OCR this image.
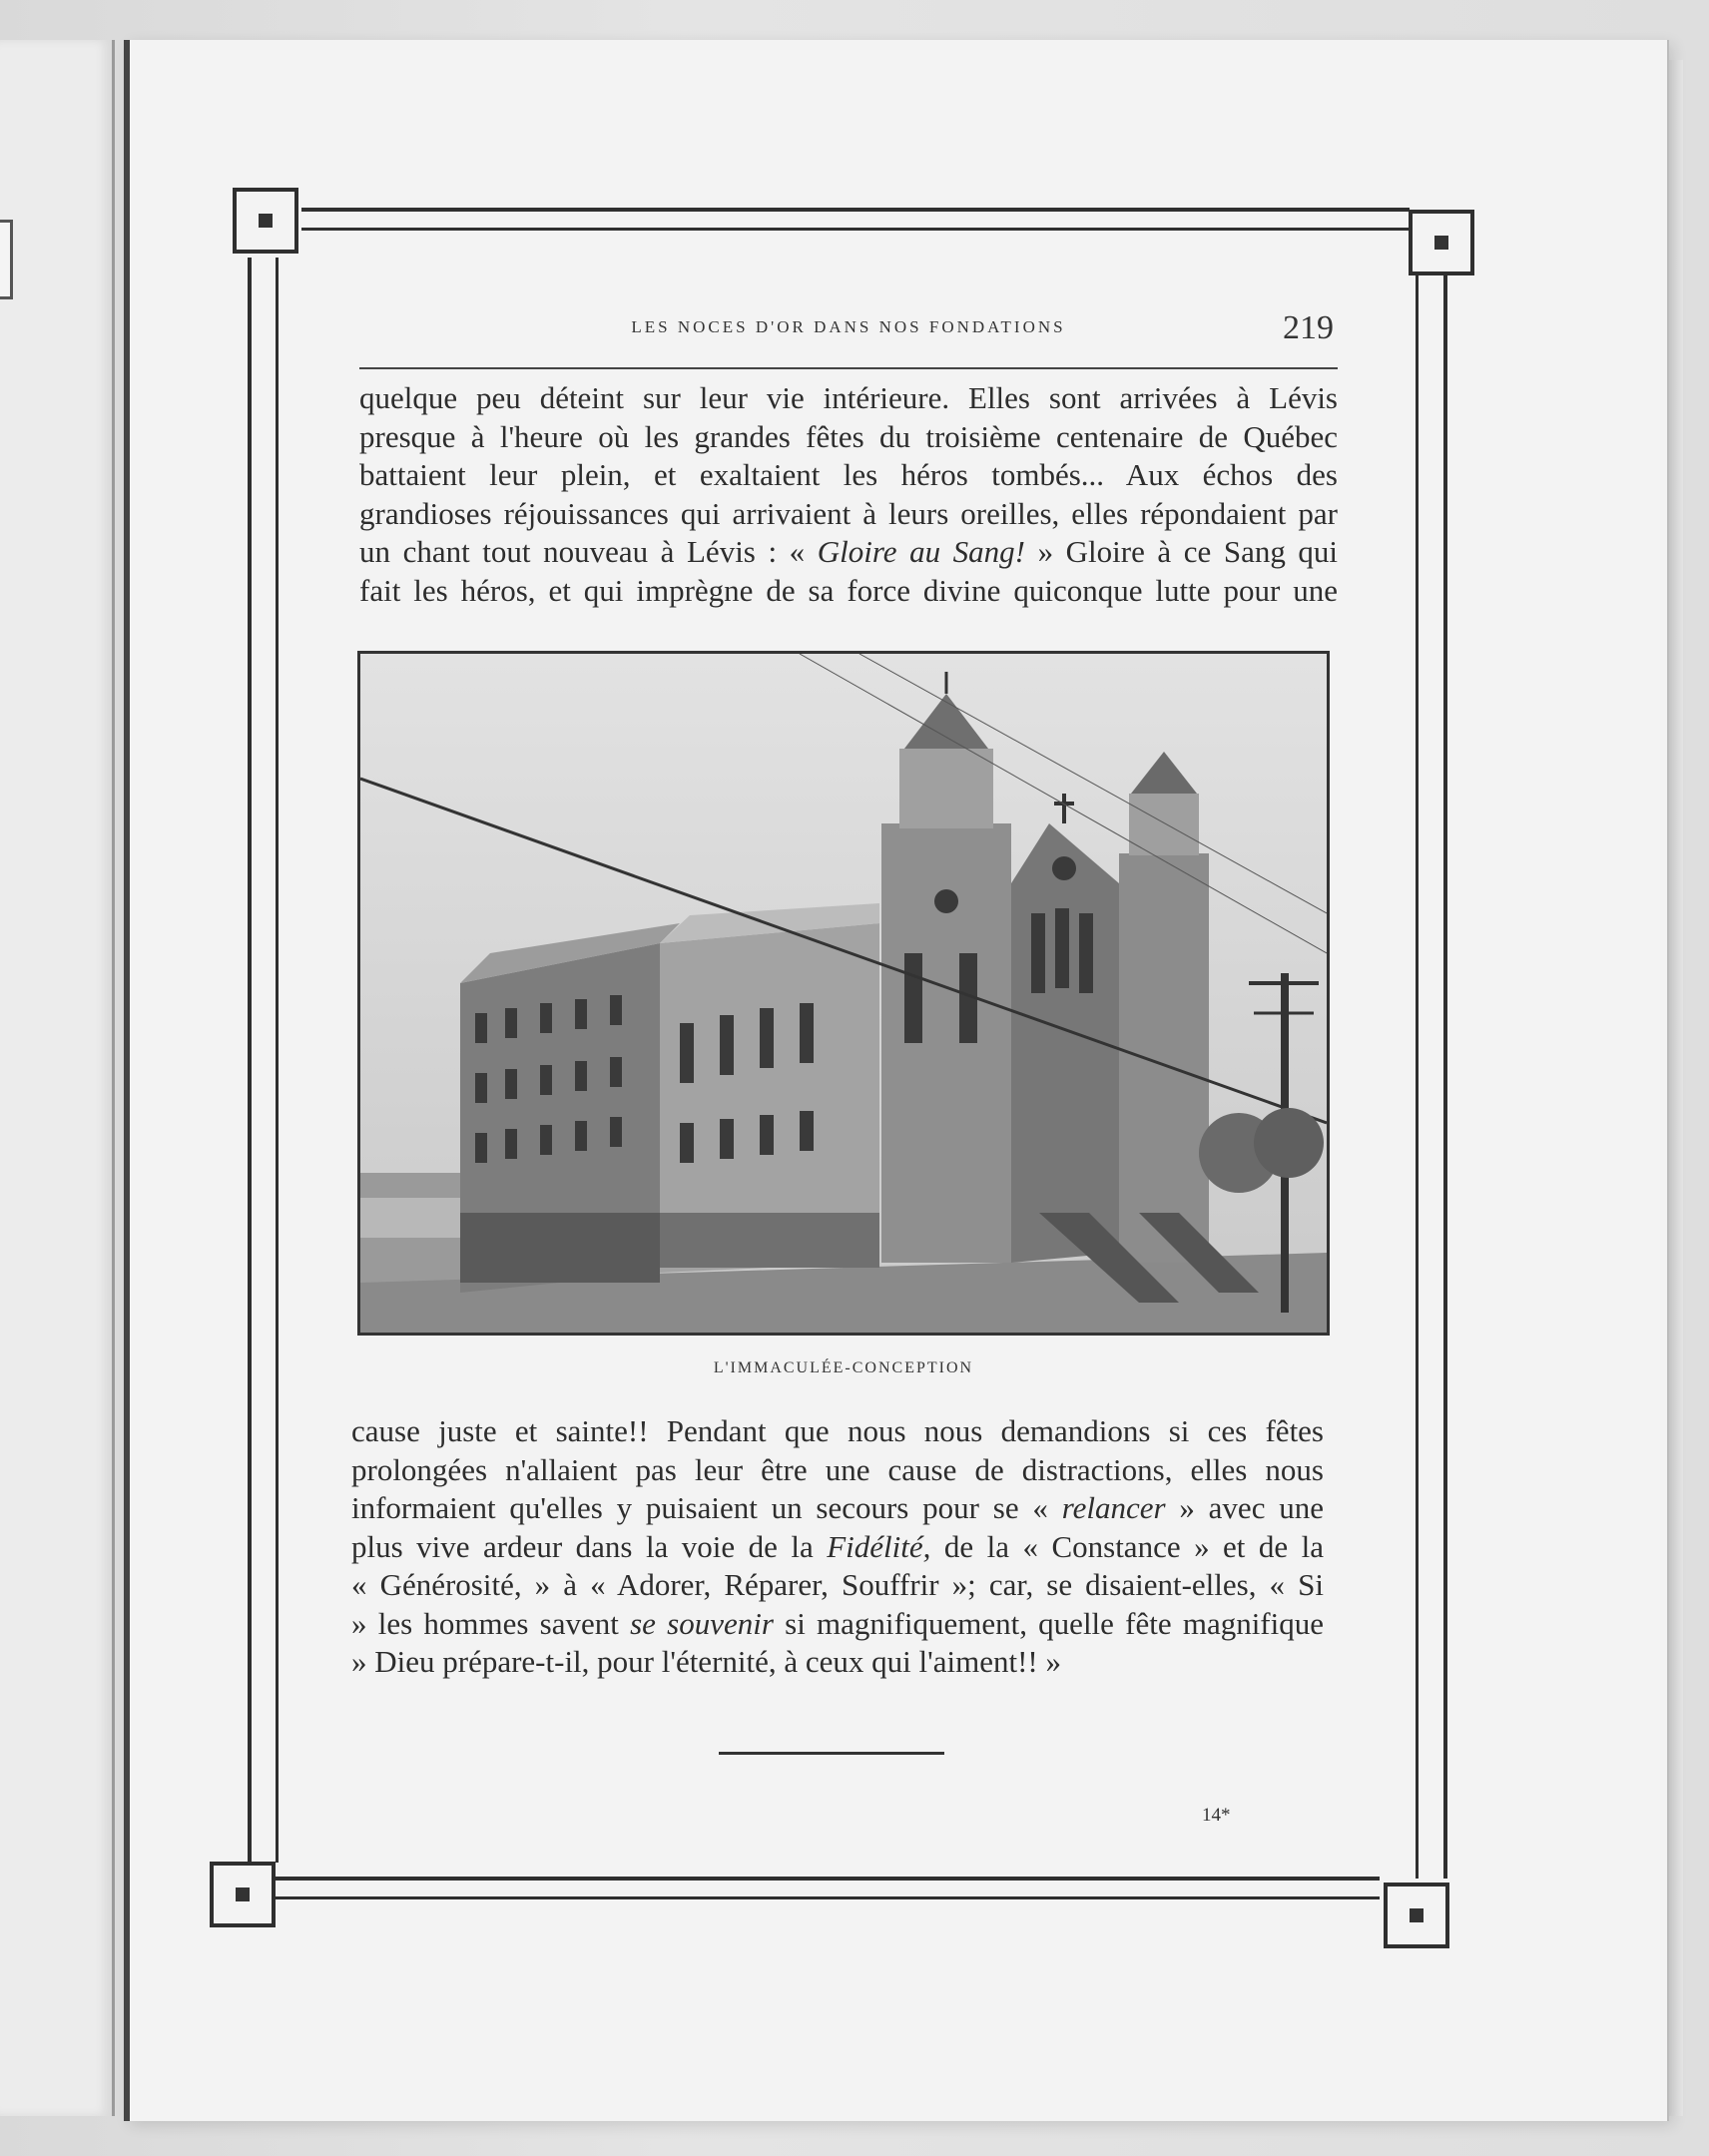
LES NOCES D'OR DANS NOS FONDATIONS	219
quelque peu déteint sur leur vie intérieure. Elles sont arrivées à Lévis
presque à l'heure où les grandes fêtes du troisième centenaire de Québec
battaient leur plein, et exaltaient les héros tombés... Aux échos des
grandioses réjouissances qui arrivaient à leurs oreilles, elles répondaient par
un chant tout nouveau à Lévis : « Gloire au Sang! » Gloire à ce Sang qui
fait les héros, et qui imprègne de sa force divine quiconque lutte pour une
L'IMMACULÉE-CONCEPTION
cause juste et sainte!! Pendant que nous nous demandions si ces fêtes
prolongées n'allaient pas leur être une cause de distractions, elles nous
informaient qu'elles y puisaient un secours pour se « relancer » avec une
plus vive ardeur dans la voie de la Fidélité, de la « Constance » et de la
« Générosité, » à « Adorer, Réparer, Souffrir »; car, se disaient-elles, « Si
» les hommes savent se souvenir si magnifiquement, quelle fête magnifique
» Dieu prépare-t-il, pour l'éternité, à ceux qui l'aiment!! »
14*
